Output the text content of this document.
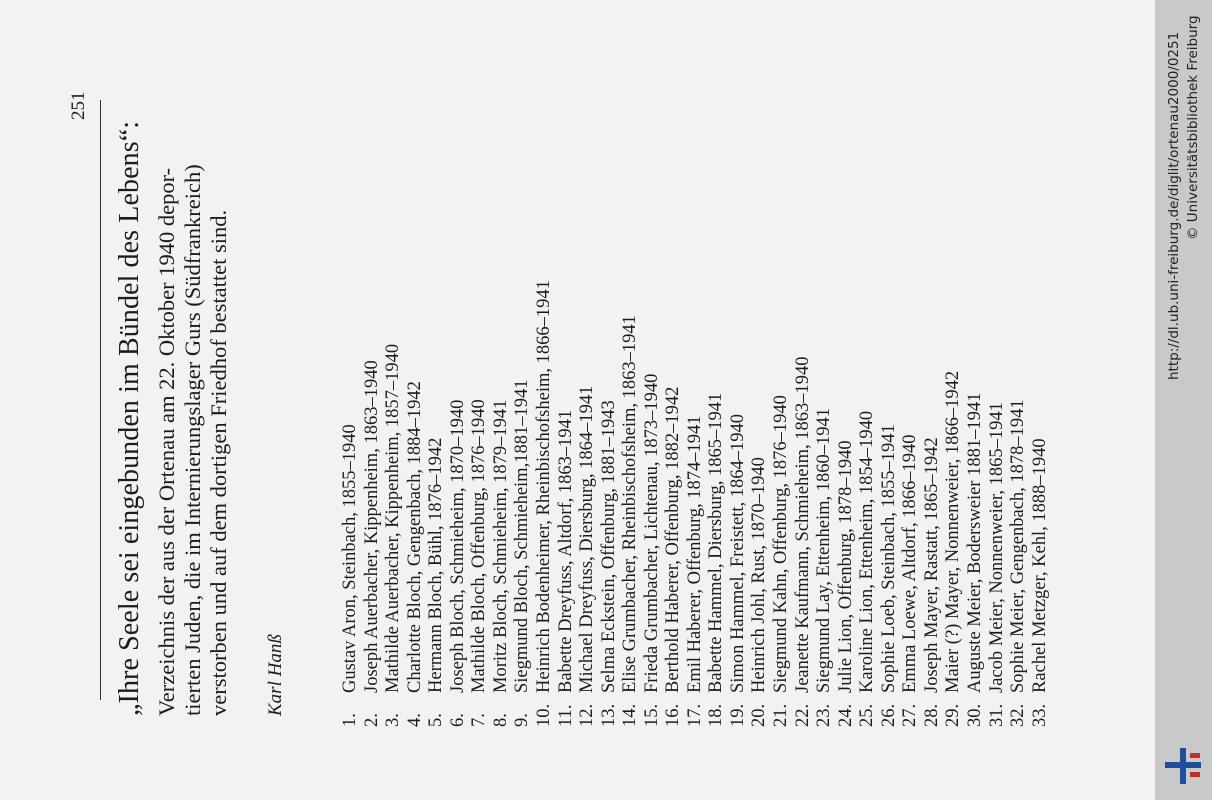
251
„Ihre Seele sei eingebunden im Bündel des Lebens“: Verzeichnis der aus der Ortenau am 22. Oktober 1940 depor- tierten Juden, die im Internierungslager Gurs (Südfrankreich) verstorben und auf dem dortigen Friedhof bestattet sind. Karl Hanß
1.
Gustav Aron, Steinbach, 1855–1940
2.
Joseph Auerbacher, Kippenheim, 1863–1940
3.
Mathilde Auerbacher, Kippenheim, 1857–1940
4.
Charlotte Bloch, Gengenbach, 1884–1942
5.
Hermann Bloch, Bühl, 1876–1942
6.
Joseph Bloch, Schmieheim, 1870–1940
7.
Mathilde Bloch, Offenburg, 1876–1940
8.
Moritz Bloch, Schmieheim, 1879–1941
9.
Siegmund Bloch, Schmieheim,1881–1941
10.
Heinrich Bodenheimer, Rheinbischofsheim, 1866–1941
11.
Babette Dreyfuss, Altdorf, 1863–1941
12.
Michael Dreyfuss, Diersburg, 1864–1941
13.
Selma Eckstein, Offenburg, 1881–1943
14.
Elise Grumbacher, Rheinbischofsheim, 1863–1941
15.
Frieda Grumbacher, Lichtenau, 1873–1940
16.
Berthold Haberer, Offenburg, 1882–1942
17.
Emil Haberer, Offenburg, 1874–1941
18.
Babette Hammel, Diersburg, 1865–1941
19.
Simon Hammel, Freistett, 1864–1940
20.
Heinrich Johl, Rust, 1870–1940
21.
Siegmund Kahn, Offenburg, 1876–1940
22.
Jeanette Kaufmann, Schmieheim, 1863–1940
23.
Siegmund Lay, Ettenheim, 1860–1941
24.
Julie Lion, Offenburg, 1878–1940
25.
Karoline Lion, Ettenheim, 1854–1940
26.
Sophie Loeb, Steinbach, 1855–1941
27.
Emma Loewe, Altdorf, 1866–1940
28.
Joseph Mayer, Rastatt, 1865–1942
29.
Maier (?) Mayer, Nonnenweier, 1866–1942
30.
Auguste Meier, Bodersweier 1881–1941
31.
Jacob Meier, Nonnenweier, 1865–1941
32.
Sophie Meier, Gengenbach, 1878–1941
33.
Rachel Metzger, Kehl, 1888–1940
http://dl.ub.uni-freiburg.de/diglit/ortenau2000/0251 © Universitätsbibliothek Freiburg
